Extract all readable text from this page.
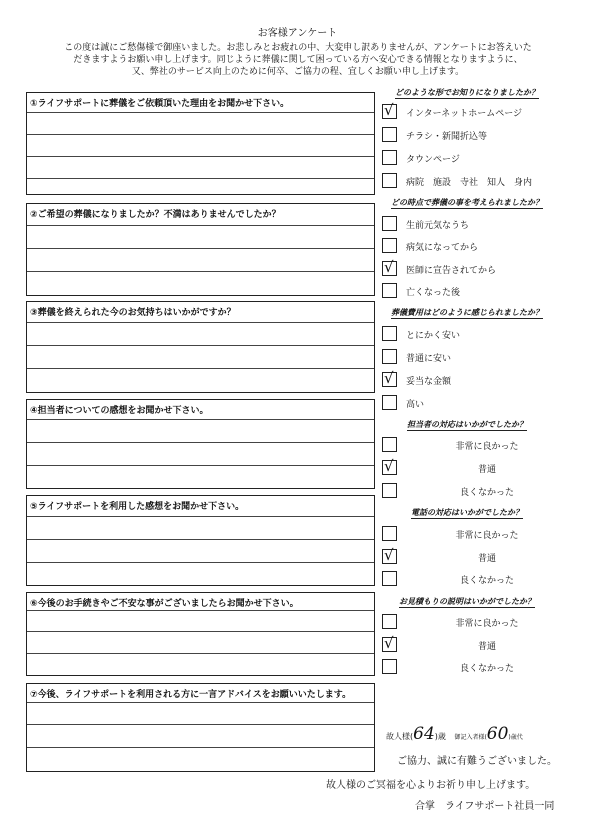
お客様アンケート
この度は誠にご愁傷様で御座いました。お悲しみとお疲れの中、大変申し訳ありませんが、アンケートにお答えいた
だきますようお願い申し上げます。同じように葬儀に関して困っている方へ安心できる情報となりますように、
又、弊社のサービス向上のために何卒、ご協力の程、宜しくお願い申し上げます。
①ライフサポートに葬儀をご依頼頂いた理由をお聞かせ下さい。
②ご希望の葬儀になりましたか？不満はありませんでしたか？
③葬儀を終えられた今のお気持ちはいかがですか？
④担当者についての感想をお聞かせ下さい。
⑤ライフサポートを利用した感想をお聞かせ下さい。
⑥今後のお手続きやご不安な事がございましたらお聞かせ下さい。
⑦今後、ライフサポートを利用される方に一言アドバイスをお願いいたします。
どのような形でお知りになりましたか？
√ インターネットホームページ
チラシ・新聞折込等
タウンページ
病院　施設　寺社　知人　身内
どの時点で葬儀の事を考えられましたか？
生前元気なうち
病気になってから
√ 医師に宣告されてから
亡くなった後
葬儀費用はどのように感じられましたか？
とにかく安い
普通に安い
√ 妥当な金額
高い
担当者の対応はいかがでしたか？
非常に良かった
√	普通
良くなかった
電話の対応はいかがでしたか？
非常に良かった
√	普通
良くなかった
お見積もりの説明はいかがでしたか？
非常に良かった
√	普通
良くなかった
故人様(64)歳 御記入者様(60)歳代
ご協力、誠に有難うございました。
故人様のご冥福を心よりお祈り申し上げます。
合掌　ライフサポート社員一同
